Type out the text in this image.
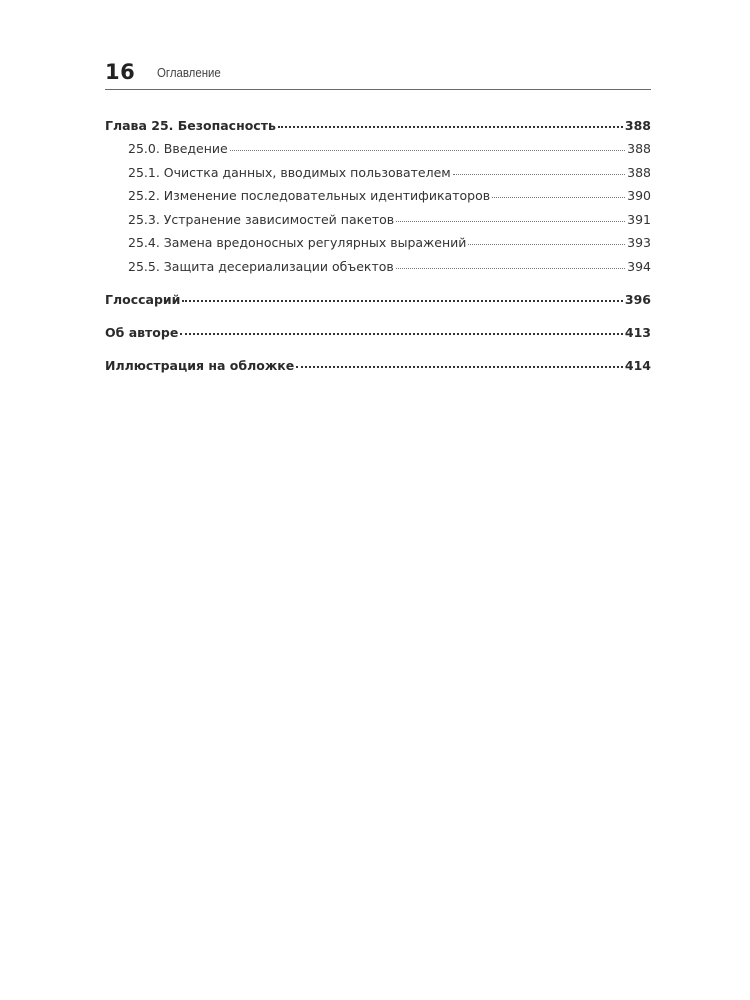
16 Оглавление
Глава 25. Безопасность	388
25.0. Введение	388
25.1. Очистка данных, вводимых пользователем	388
25.2. Изменение последовательных идентификаторов	390
25.3. Устранение зависимостей пакетов	391
25.4. Замена вредоносных регулярных выражений	393
25.5. Защита десериализации объектов	394
Глоссарий	396
Об авторе	413
Иллюстрация на обложке	414
